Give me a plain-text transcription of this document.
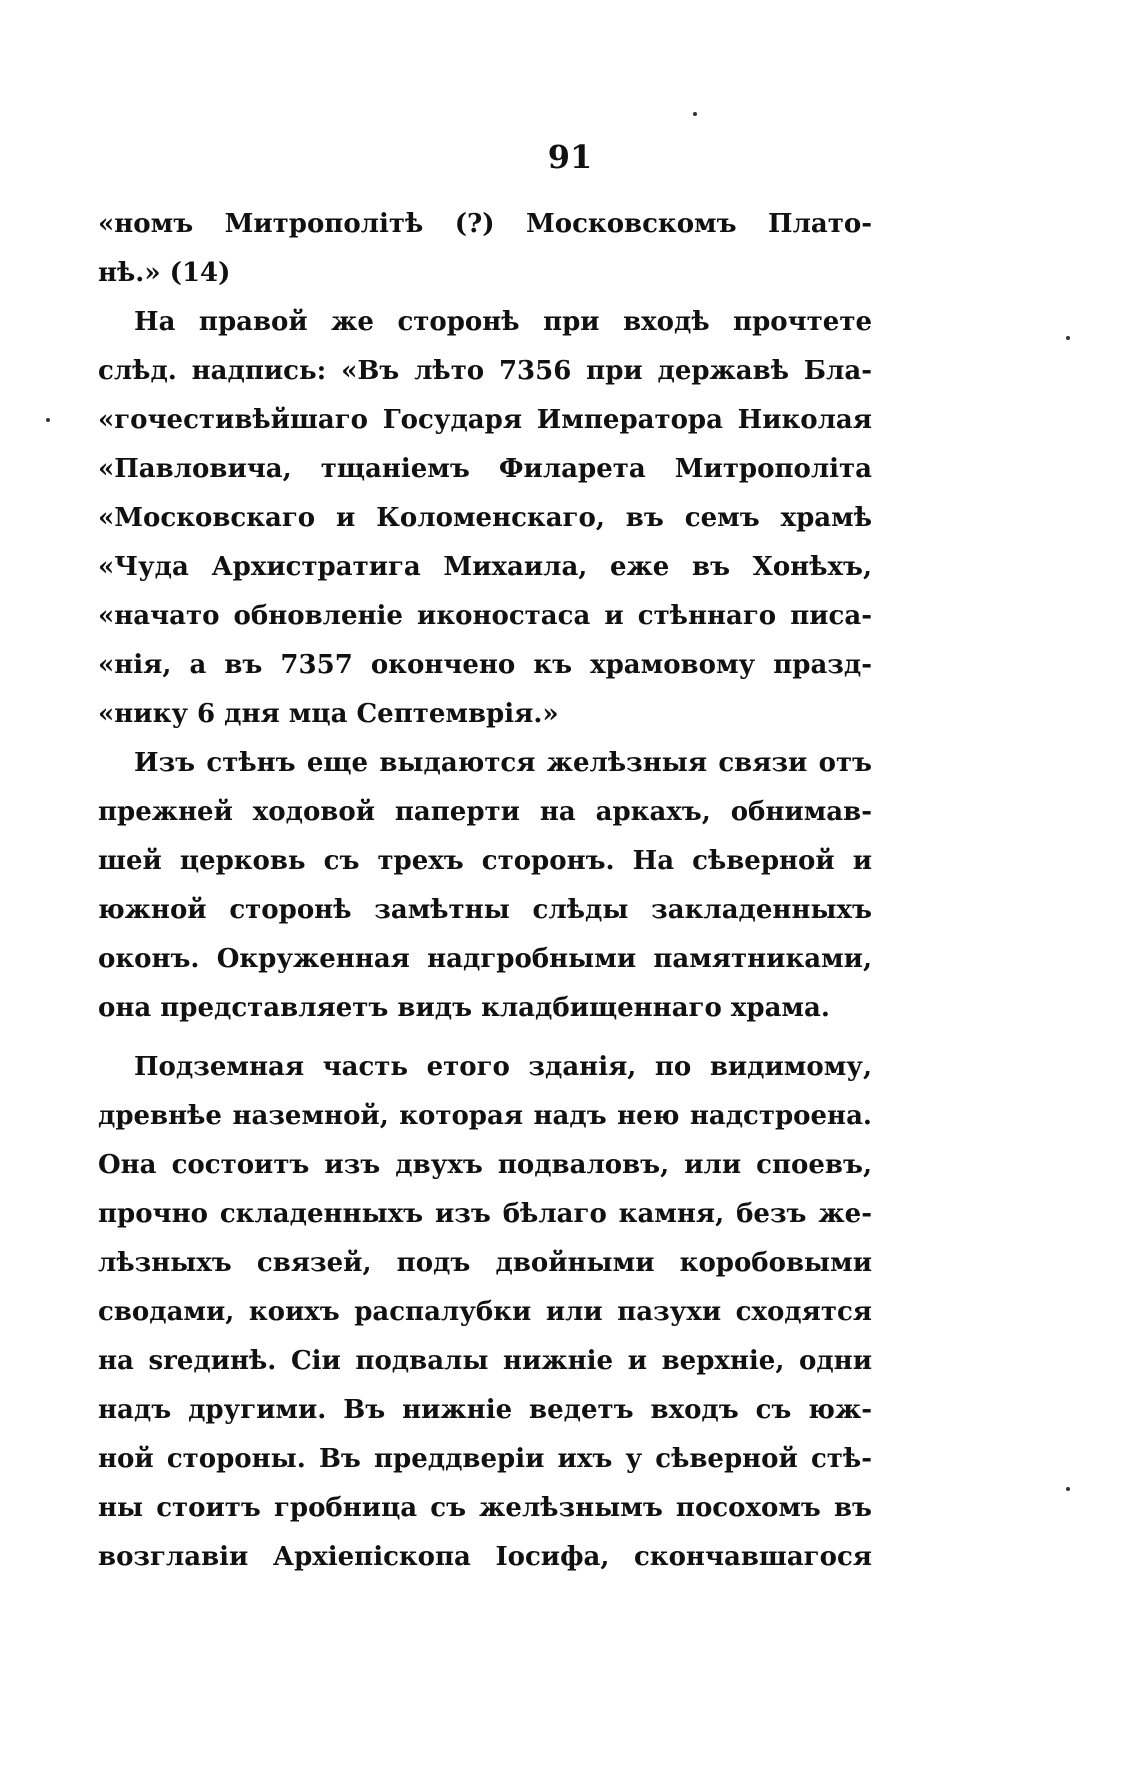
91
«номъ Митрополітѣ (?) Московскомъ Плато-
нѣ.» (14)
На правой же сторонѣ при входѣ прочтете
слѣд. надпись: «Въ лѣто 7356 при державѣ Бла-
«гочестивѣйшаго Государя Императора Николая
«Павловича, тщаніемъ Филарета Митрополіта
«Московскаго и Коломенскаго, въ семъ храмѣ
«Чуда Архистратига Михаила, еже въ Хонѣхъ,
«начато обновленіе иконостаса и стѣннаго писа-
«нія, а въ 7357 окончено къ храмовому празд-
«нику 6 дня мца Септемврія.»
Изъ стѣнъ еще выдаются желѣзныя связи отъ
прежней ходовой паперти на аркахъ, обнимав-
шей церковь съ трехъ сторонъ. На сѣверной и
южной сторонѣ замѣтны слѣды закладенныхъ
оконъ. Окруженная надгробными памятниками,
она представляетъ видъ кладбищеннаго храма.
Подземная часть етого зданія, по видимому,
древнѣе наземной, которая надъ нею надстроена.
Она состоитъ изъ двухъ подваловъ, или споевъ,
прочно складенныхъ изъ бѣлаго камня, безъ же-
лѣзныхъ связей, подъ двойными коробовыми
сводами, коихъ распалубки или пазухи сходятся
на srединѣ. Сіи подвалы нижніе и верхніе, одни
надъ другими. Въ нижніе ведетъ входъ съ юж-
ной стороны. Въ преддверіи ихъ у сѣверной стѣ-
ны стоитъ гробница съ желѣзнымъ посохомъ въ
возглавіи Архіепіскопа Іосифа, скончавшагося
